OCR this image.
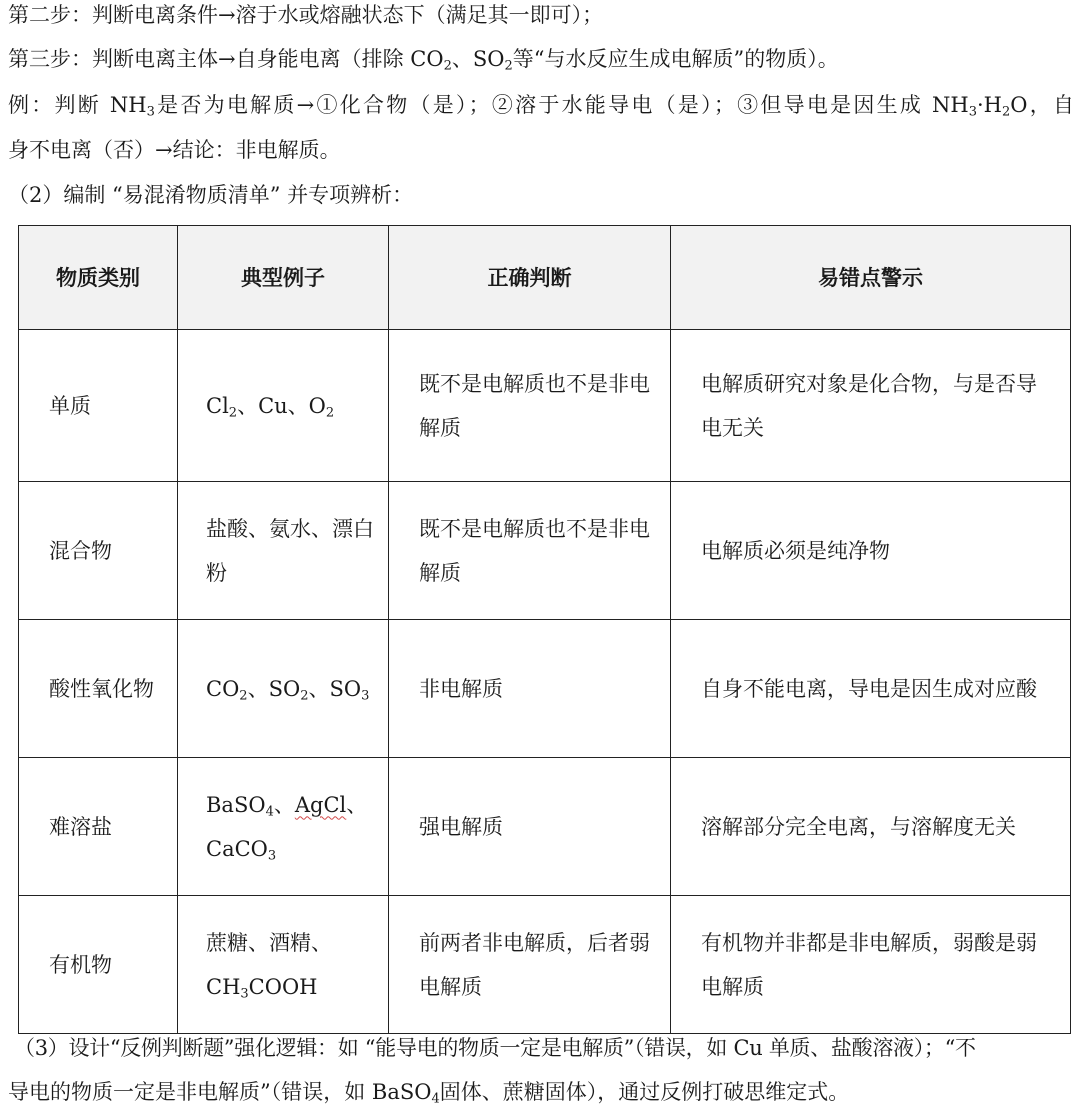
第二步：判断电离条件→溶于水或熔融状态下（满足其一即可）；
第三步：判断电离主体→自身能电离（排除 $CO_2$、$SO_2$等“与水反应生成电解质”的物质）。
例：判断 $NH_3$是否为电解质→①化合物（是）；②溶于水能导电（是）；③但导电是因生成 $NH_3\cdot H_2O$，自
身不电离（否）→结论：非电解质。
（2）编制 “易混淆物质清单” 并专项辨析：
物质类别	典型例子	正确判断	易错点警示
单质	$Cl_2$、Cu、$O_2$	既不是电解质也不是非电解质	电解质研究对象是化合物，与是否导电无关
混合物	盐酸、氨水、漂白粉	既不是电解质也不是非电解质	电解质必须是纯净物
酸性氧化物	$CO_2$、$SO_2$、$SO_3$	非电解质	自身不能电离，导电是因生成对应酸
难溶盐	BaSO$_4$、AgCl、CaCO$_3$	强电解质	溶解部分完全电离，与溶解度无关
有机物	蔗糖、酒精、$CH_3COOH$	前两者非电解质，后者弱电解质	有机物并非都是非电解质，弱酸是弱电解质
（3）设计“反例判断题”强化逻辑：如 “能导电的物质一定是电解质”（错误，如 Cu 单质、盐酸溶液）；“不
导电的物质一定是非电解质”（错误，如 BaSO$_4$固体、蔗糖固体），通过反例打破思维定式。
